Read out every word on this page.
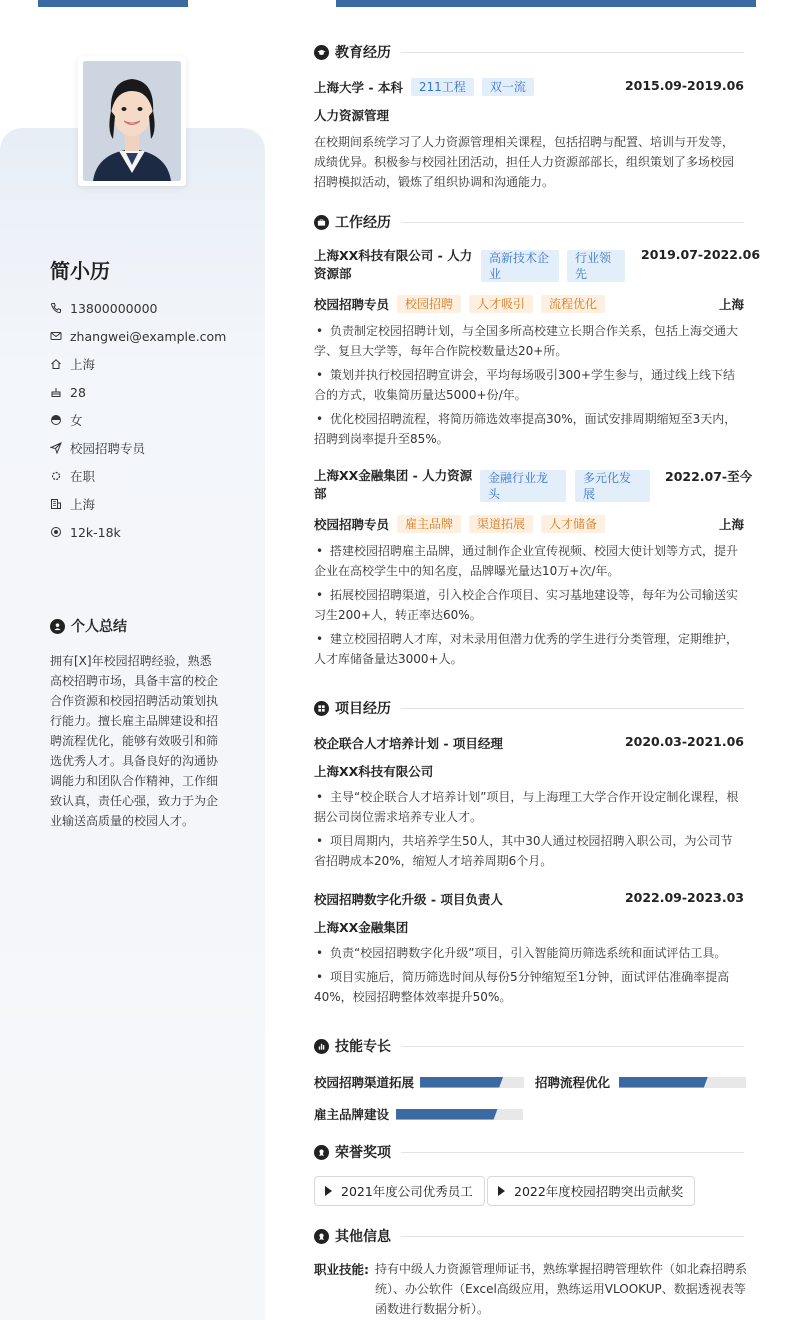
简小历
13800000000
zhangwei@example.com
上海
28
女
校园招聘专员
在职
上海
12k-18k
个人总结
拥有[X]年校园招聘经验，熟悉高校招聘市场，具备丰富的校企合作资源和校园招聘活动策划执行能力。擅长雇主品牌建设和招聘流程优化，能够有效吸引和筛选优秀人才。具备良好的沟通协调能力和团队合作精神，工作细致认真，责任心强，致力于为企业输送高质量的校园人才。
教育经历
上海大学 - 本科	211工程	双一流	2015.09-2019.06
人力资源管理
在校期间系统学习了人力资源管理相关课程，包括招聘与配置、培训与开发等，成绩优异。积极参与校园社团活动，担任人力资源部部长，组织策划了多场校园招聘模拟活动，锻炼了组织协调和沟通能力。
工作经历
上海XX科技有限公司 - 人力
资源部
高新技术企
业
行业领
先
2019.07-2022.06
校园招聘专员	校园招聘	人才吸引	流程优化	上海
• 负责制定校园招聘计划，与全国多所高校建立长期合作关系，包括上海交通大学、复旦大学等，每年合作院校数量达20+所。
• 策划并执行校园招聘宣讲会，平均每场吸引300+学生参与，通过线上线下结合的方式，收集简历量达5000+份/年。
• 优化校园招聘流程，将简历筛选效率提高30%，面试安排周期缩短至3天内，招聘到岗率提升至85%。
上海XX金融集团 - 人力资源
部
金融行业龙
头
多元化发
展
2022.07-至今
校园招聘专员	雇主品牌	渠道拓展	人才储备	上海
• 搭建校园招聘雇主品牌，通过制作企业宣传视频、校园大使计划等方式，提升企业在高校学生中的知名度，品牌曝光量达10万+次/年。
• 拓展校园招聘渠道，引入校企合作项目、实习基地建设等，每年为公司输送实习生200+人，转正率达60%。
• 建立校园招聘人才库，对未录用但潜力优秀的学生进行分类管理，定期维护，人才库储备量达3000+人。
项目经历
校企联合人才培养计划 - 项目经理	2020.03-2021.06
上海XX科技有限公司
• 主导“校企联合人才培养计划”项目，与上海理工大学合作开设定制化课程，根据公司岗位需求培养专业人才。
• 项目周期内，共培养学生50人，其中30人通过校园招聘入职公司，为公司节省招聘成本20%，缩短人才培养周期6个月。
校园招聘数字化升级 - 项目负责人	2022.09-2023.03
上海XX金融集团
• 负责“校园招聘数字化升级”项目，引入智能简历筛选系统和面试评估工具。
• 项目实施后，简历筛选时间从每份5分钟缩短至1分钟，面试评估准确率提高40%，校园招聘整体效率提升50%。
技能专长
校园招聘渠道拓展	招聘流程优化
雇主品牌建设
荣誉奖项
2021年度公司优秀员工	2022年度校园招聘突出贡献奖
其他信息
职业技能: 持有中级人力资源管理师证书，熟练掌握招聘管理软件（如北森招聘系统）、办公软件（Excel高级应用，熟练运用VLOOKUP、数据透视表等函数进行数据分析）。
